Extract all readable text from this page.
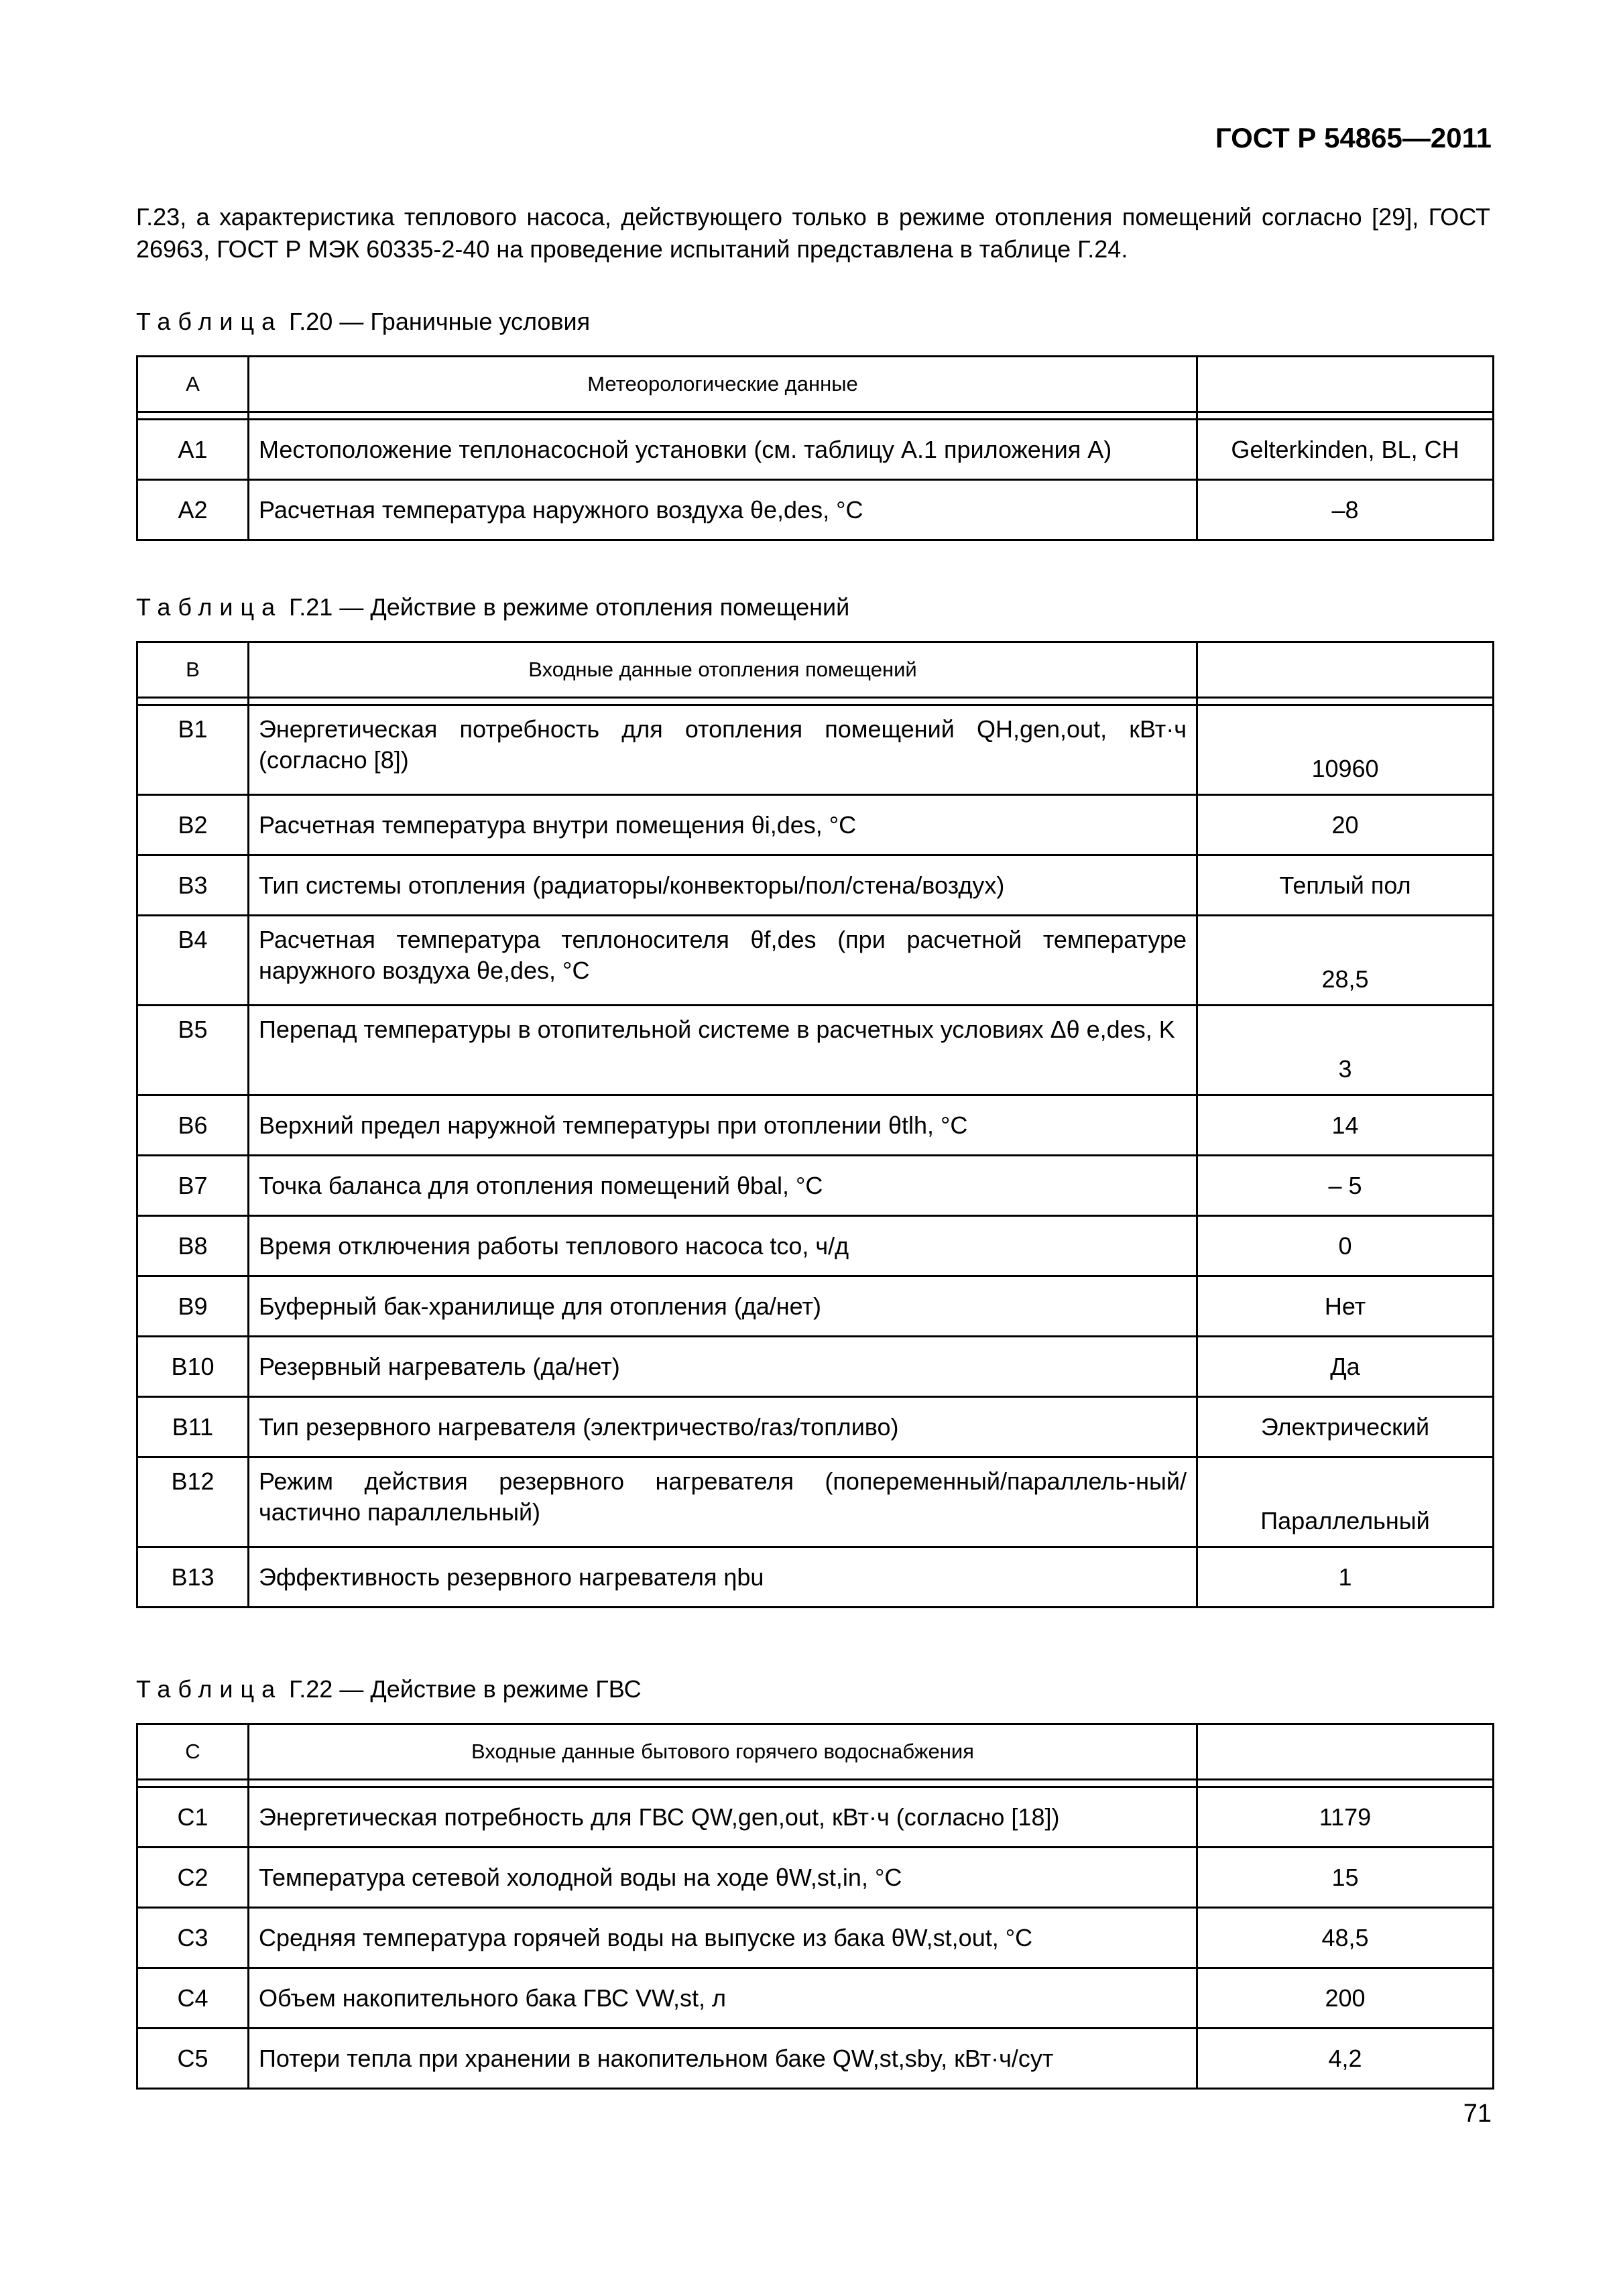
ГОСТ Р 54865—2011

Г.23, а характеристика теплового насоса, действующего только в режиме отопления помещений согласно [29], ГОСТ 26963, ГОСТ Р МЭК 60335-2-40 на проведение испытаний представлена в таблице Г.24.

Таблица Г.20 — Граничные условия
А	Метеорологические данные	

А1	Местоположение теплонасосной установки (см. таблицу А.1 приложения А)	Gelterkinden, BL, CH
А2	Расчетная температура наружного воздуха θe,des, °С	–8
Таблица Г.21 — Действие в режиме отопления помещений
В	Входные данные отопления помещений	

В1	Энергетическая потребность для отопления помещений QH,gen,out, кВт·ч (согласно [8])	10960
В2	Расчетная температура внутри помещения θi,des, °С	20
В3	Тип системы отопления (радиаторы/конвекторы/пол/стена/воздух)	Теплый пол
В4	Расчетная температура теплоносителя θf,des (при расчетной температуре наружного воздуха θe,des, °С	28,5
В5	Перепад температуры в отопительной системе в расчетных условиях Δθ e,des, K	3
В6	Верхний предел наружной температуры при отоплении θtlh, °С	14
В7	Точка баланса для отопления помещений θbal, °С	– 5
В8	Время отключения работы теплового насоса tco, ч/д	0
В9	Буферный бак-хранилище для отопления (да/нет)	Нет
В10	Резервный нагреватель (да/нет)	Да
В11	Тип резервного нагревателя (электричество/газ/топливо)	Электрический
В12	Режим действия резервного нагревателя (попеременный/параллель-ный/частично параллельный)	Параллельный
В13	Эффективность резервного нагревателя ηbu	1
Таблица Г.22 — Действие в режиме ГВС
С	Входные данные бытового горячего водоснабжения	

С1	Энергетическая потребность для ГВС QW,gen,out, кВт·ч (согласно [18])	1179
С2	Температура сетевой холодной воды на ходе θW,st,in, °С	15
С3	Средняя температура горячей воды на выпуске из бака θW,st,out, °С	48,5
С4	Объем накопительного бака ГВС VW,st, л	200
С5	Потери тепла при хранении в накопительном баке QW,st,sby, кВт·ч/сут	4,2
71
